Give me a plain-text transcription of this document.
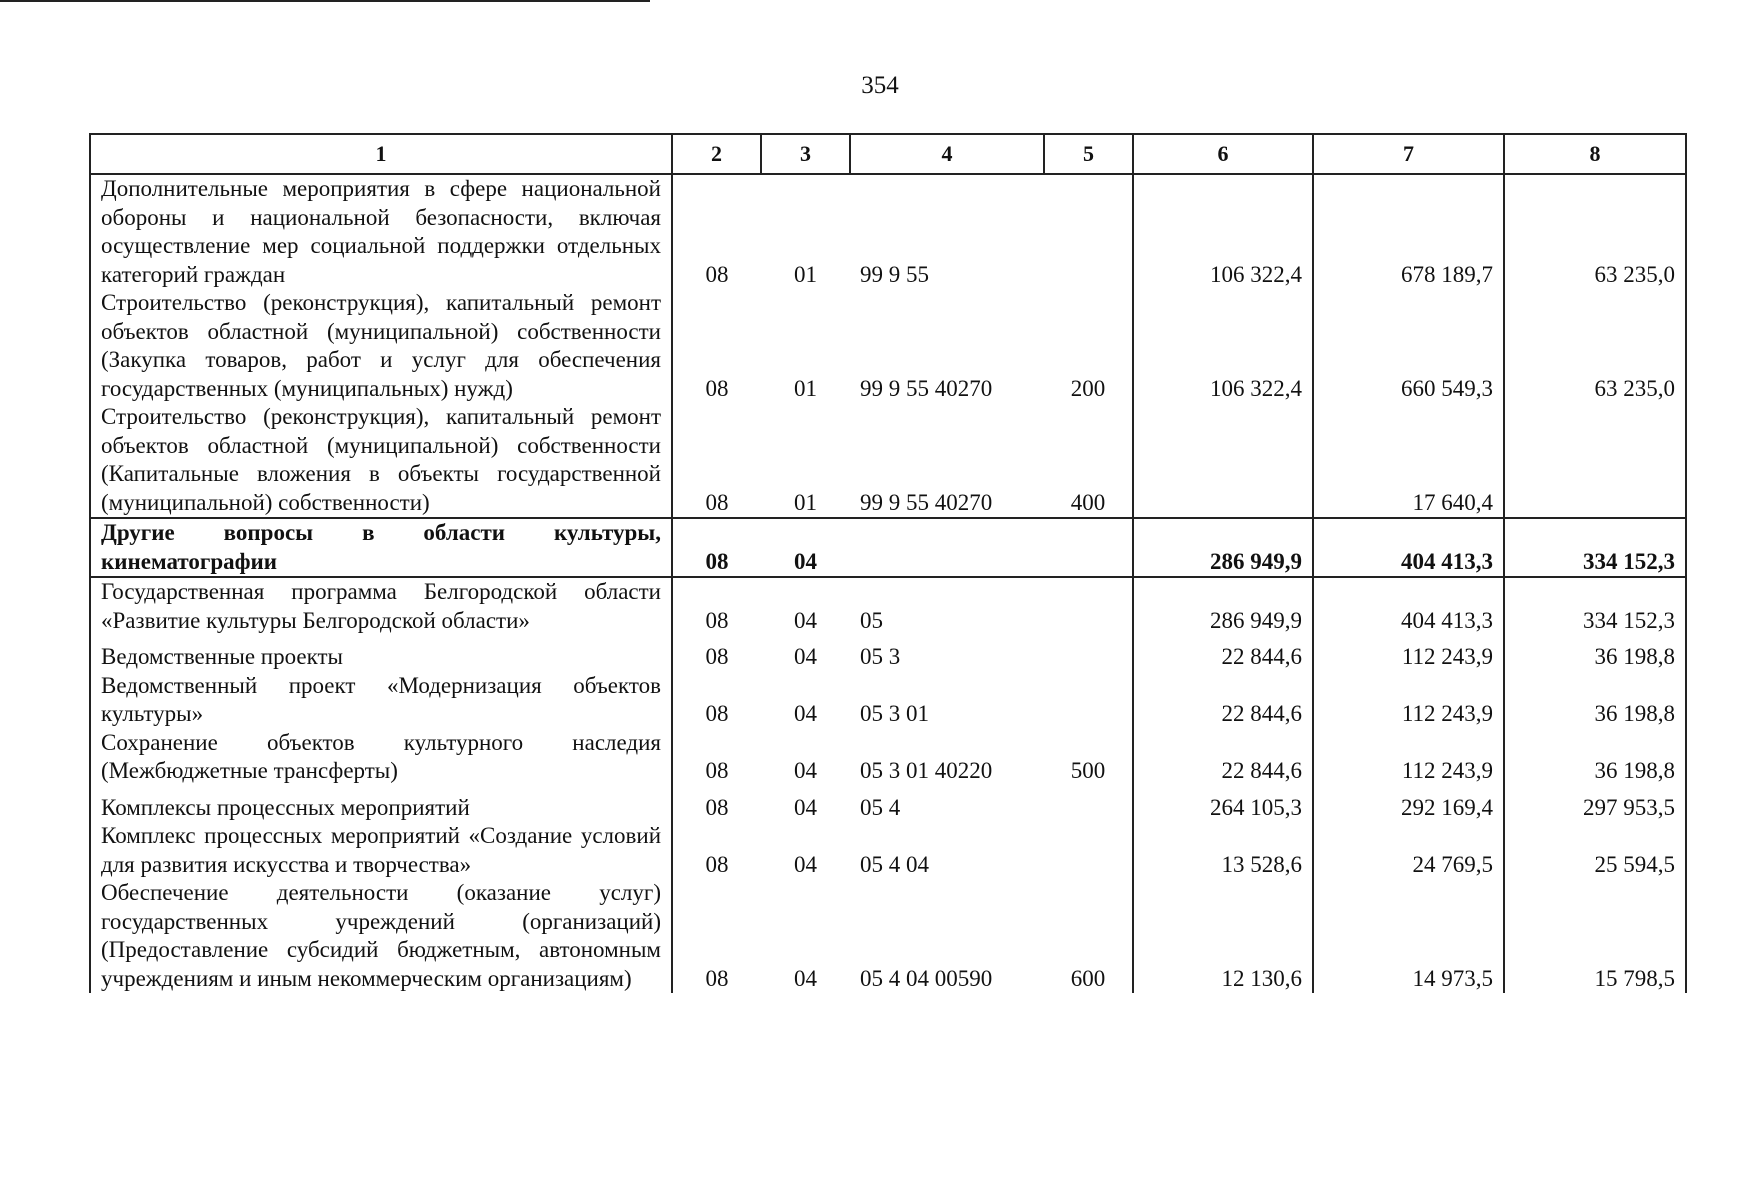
354
1	2	3	4	5	6	7	8
Дополнительные мероприятия в сфере национальной обороны и национальной безопасности, включая осуществление мер социальной поддержки отдельных категорий граждан	08	01	99 9 55		106 322,4	678 189,7	63 235,0
Строительство (реконструкция), капитальный ремонт объектов областной (муниципальной) собственности (Закупка товаров, работ и услуг для обеспечения государственных (муниципальных) нужд)	08	01	99 9 55 40270	200	106 322,4	660 549,3	63 235,0
Строительство (реконструкция), капитальный ремонт объектов областной (муниципальной) собственности (Капитальные вложения в объекты государственной (муниципальной) собственности)	08	01	99 9 55 40270	400		17 640,4	
Другие вопросы в области культуры, кинематографии	08	04			286 949,9	404 413,3	334 152,3
Государственная программа Белгородской области «Развитие культуры Белгородской области»	08	04	05		286 949,9	404 413,3	334 152,3
Ведомственные проекты	08	04	05 3		22 844,6	112 243,9	36 198,8
Ведомственный проект «Модернизация объектов культуры»	08	04	05 3 01		22 844,6	112 243,9	36 198,8
Сохранение объектов культурного наследия (Межбюджетные трансферты)	08	04	05 3 01 40220	500	22 844,6	112 243,9	36 198,8
Комплексы процессных мероприятий	08	04	05 4		264 105,3	292 169,4	297 953,5
Комплекс процессных мероприятий «Создание условий для развития искусства и творчества»	08	04	05 4 04		13 528,6	24 769,5	25 594,5
Обеспечение деятельности (оказание услуг) государственных учреждений (организаций) (Предоставление субсидий бюджетным, автономным учреждениям и иным некоммерческим организациям)	08	04	05 4 04 00590	600	12 130,6	14 973,5	15 798,5
